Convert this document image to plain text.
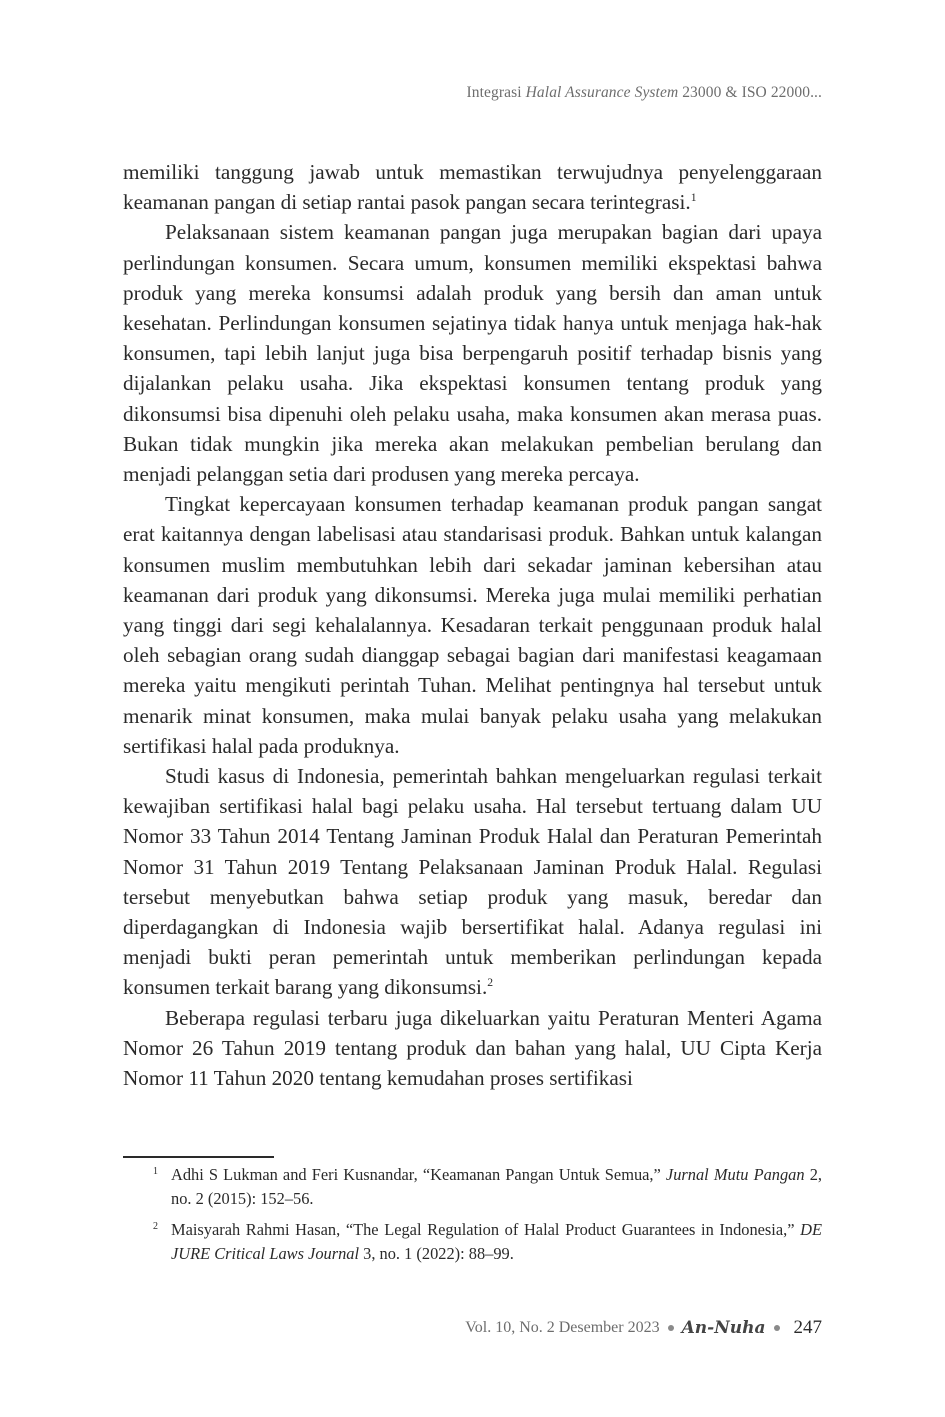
Integrasi Halal Assurance System 23000 & ISO 22000...

memiliki tanggung jawab untuk memastikan terwujudnya penyelenggaraan keamanan pangan di setiap rantai pasok pangan secara terintegrasi.$^1$

Pelaksanaan sistem keamanan pangan juga merupakan bagian dari upaya perlindungan konsumen. Secara umum, konsumen memiliki ekspektasi bahwa produk yang mereka konsumsi adalah produk yang bersih dan aman untuk kesehatan. Perlindungan konsumen sejatinya tidak hanya untuk menjaga hak-hak konsumen, tapi lebih lanjut juga bisa berpengaruh positif terhadap bisnis yang dijalankan pelaku usaha. Jika ekspektasi konsumen tentang produk yang dikonsumsi bisa dipenuhi oleh pelaku usaha, maka konsumen akan merasa puas. Bukan tidak mungkin jika mereka akan melakukan pembelian berulang dan menjadi pelanggan setia dari produsen yang mereka percaya.

Tingkat kepercayaan konsumen terhadap keamanan produk pangan sangat erat kaitannya dengan labelisasi atau standarisasi produk. Bahkan untuk kalangan konsumen muslim membutuhkan lebih dari sekadar jaminan kebersihan atau keamanan dari produk yang dikonsumsi. Mereka juga mulai memiliki perhatian yang tinggi dari segi kehalalannya. Kesadaran terkait penggunaan produk halal oleh sebagian orang sudah dianggap sebagai bagian dari manifestasi keagamaan mereka yaitu mengikuti perintah Tuhan. Melihat pentingnya hal tersebut untuk menarik minat konsumen, maka mulai banyak pelaku usaha yang melakukan sertifikasi halal pada produknya.

Studi kasus di Indonesia, pemerintah bahkan mengeluarkan regulasi terkait kewajiban sertifikasi halal bagi pelaku usaha. Hal tersebut tertuang dalam UU Nomor 33 Tahun 2014 Tentang Jaminan Produk Halal dan Peraturan Pemerintah Nomor 31 Tahun 2019 Tentang Pelaksanaan Jaminan Produk Halal. Regulasi tersebut menyebutkan bahwa setiap produk yang masuk, beredar dan diperdagangkan di Indonesia wajib bersertifikat halal. Adanya regulasi ini menjadi bukti peran pemerintah untuk memberikan perlindungan kepada konsumen terkait barang yang dikonsumsi.$^2$

Beberapa regulasi terbaru juga dikeluarkan yaitu Peraturan Menteri Agama Nomor 26 Tahun 2019 tentang produk dan bahan yang halal, UU Cipta Kerja Nomor 11 Tahun 2020 tentang kemudahan proses sertifikasi

1 Adhi S Lukman and Feri Kusnandar, “Keamanan Pangan Untuk Semua,” Jurnal Mutu Pangan 2, no. 2 (2015): 152–56.
2 Maisyarah Rahmi Hasan, “The Legal Regulation of Halal Product Guarantees in Indonesia,” DE JURE Critical Laws Journal 3, no. 1 (2022): 88–99.
Vol. 10, No. 2 Desember 2023 An-Nuha 247
